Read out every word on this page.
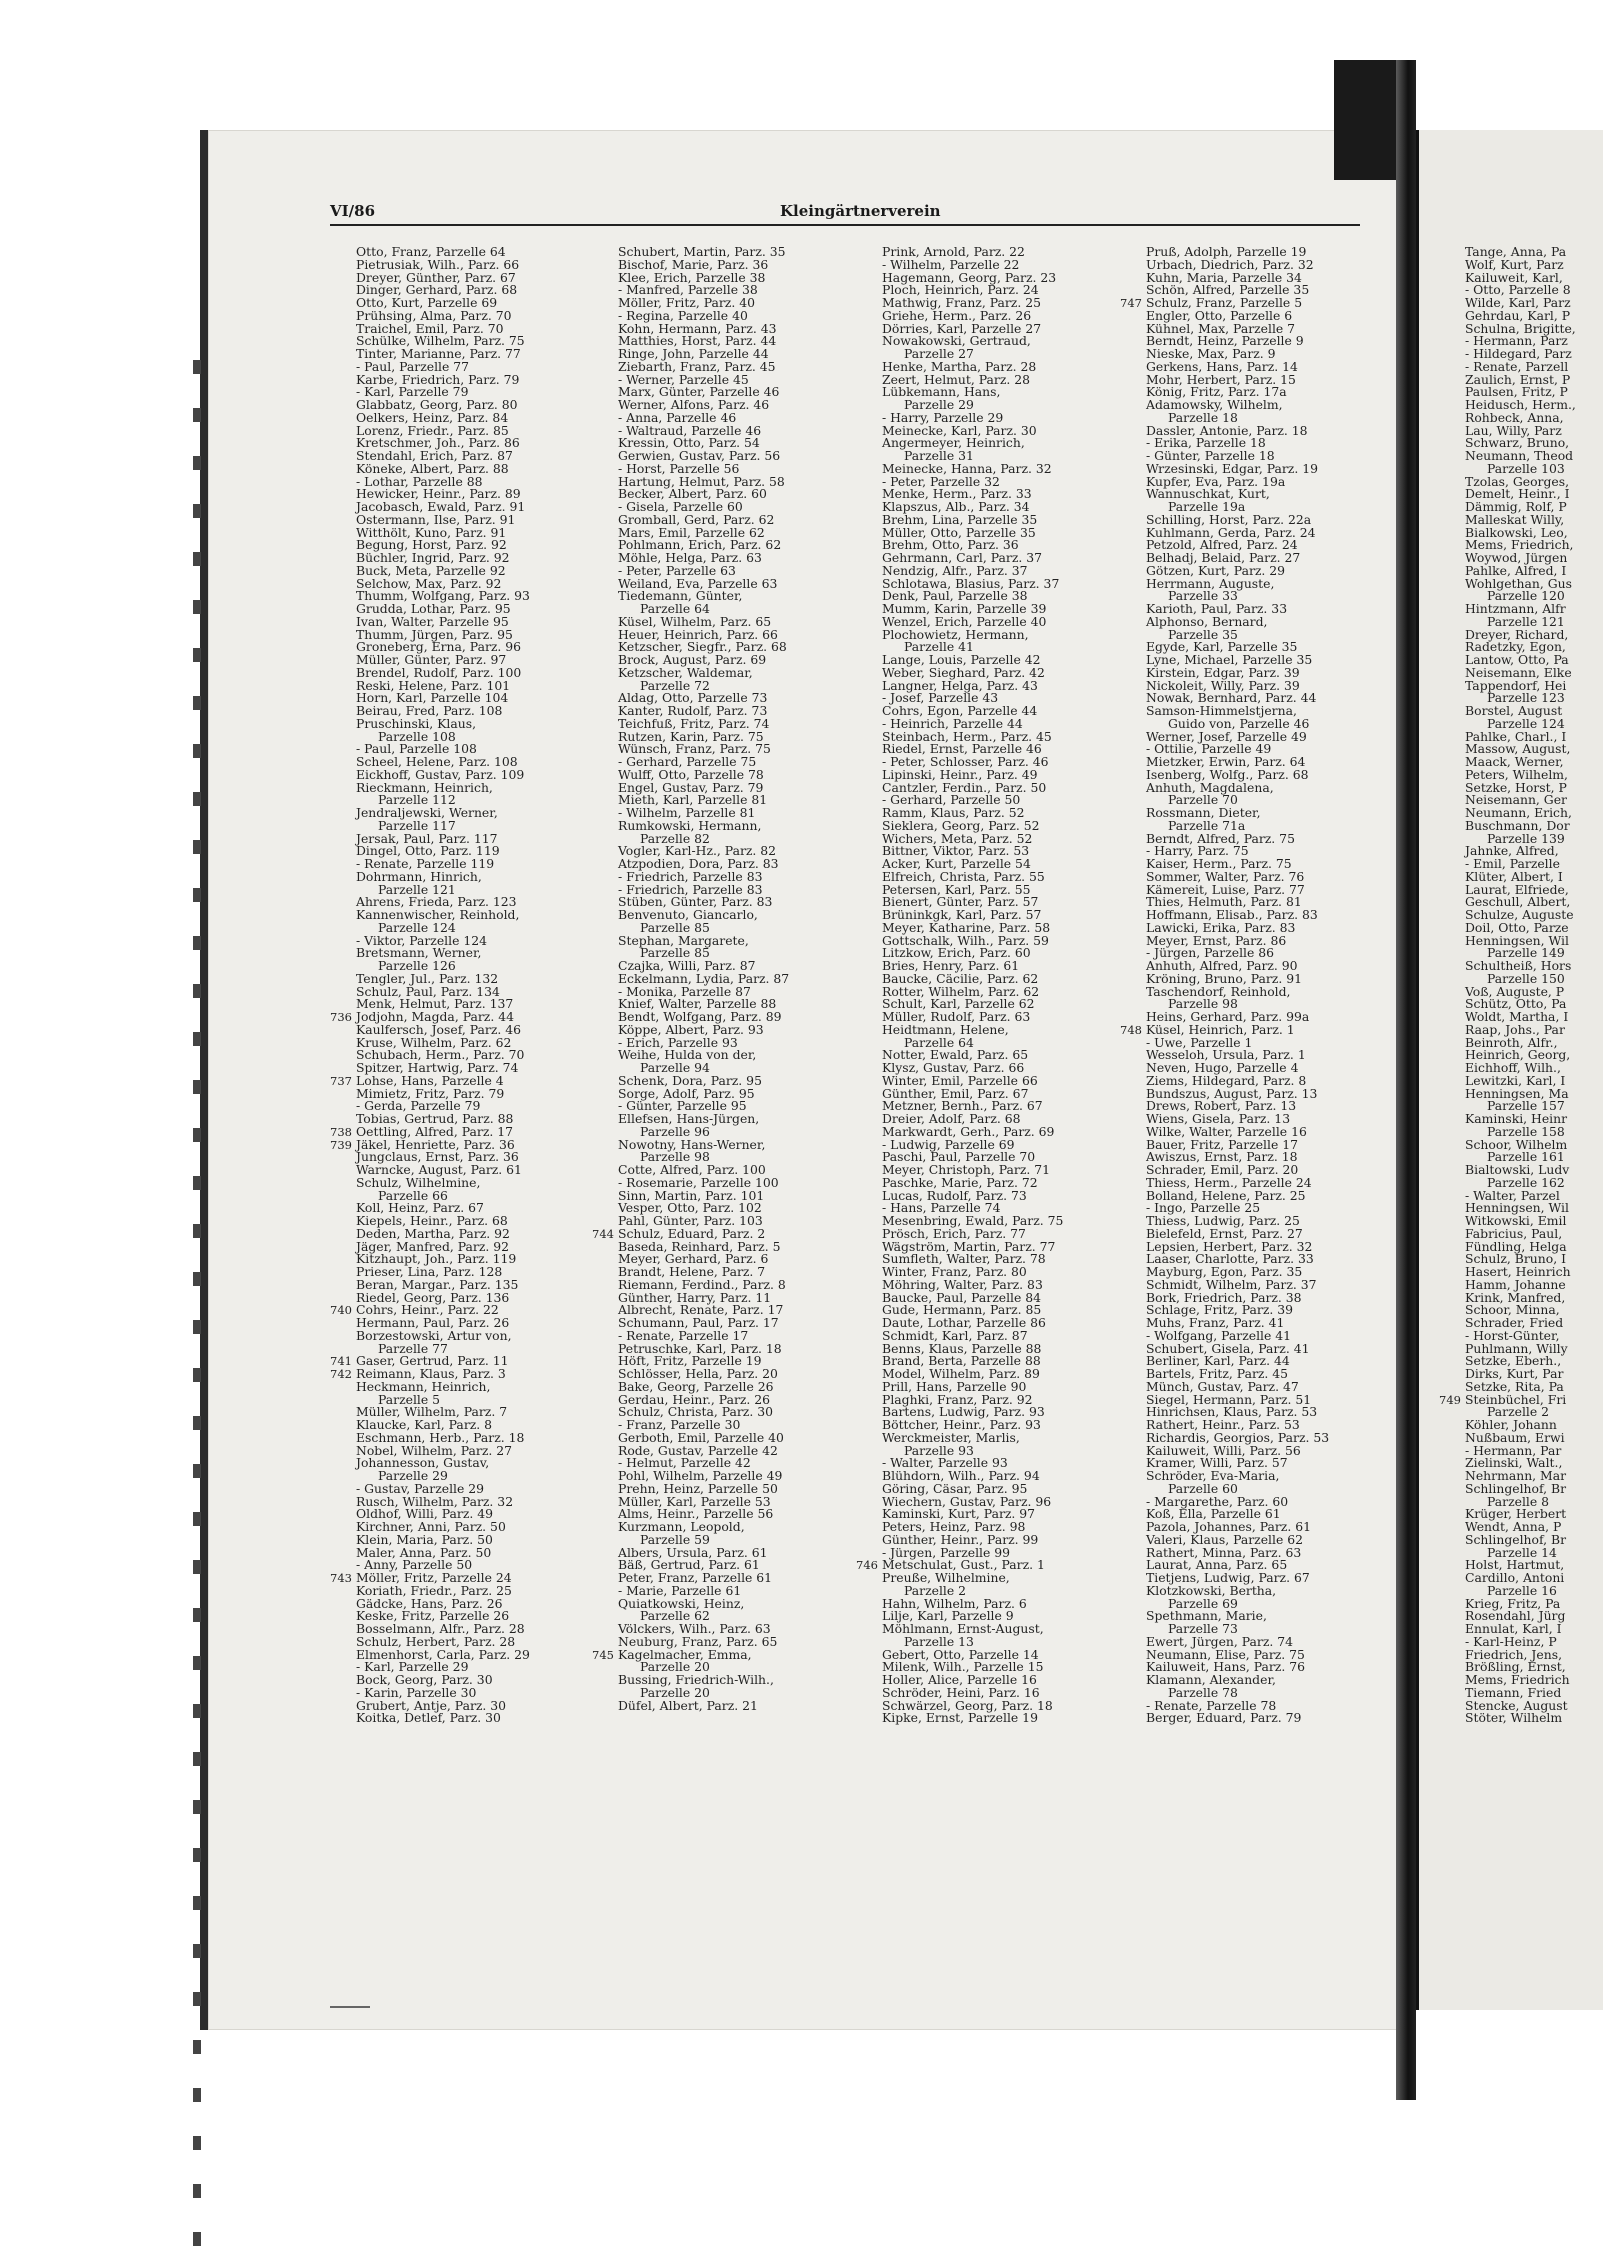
VI/86	Kleingärtnerverein
Otto, Franz, Parzelle 64
Pietrusiak, Wilh., Parz. 66
Dreyer, Günther, Parz. 67
Dinger, Gerhard, Parz. 68
Otto, Kurt, Parzelle 69
Prühsing, Alma, Parz. 70
Traichel, Emil, Parz. 70
Schülke, Wilhelm, Parz. 75
Tinter, Marianne, Parz. 77
- Paul, Parzelle 77
Karbe, Friedrich, Parz. 79
- Karl, Parzelle 79
Glabbatz, Georg, Parz. 80
Oelkers, Heinz, Parz. 84
Lorenz, Friedr., Parz. 85
Kretschmer, Joh., Parz. 86
Stendahl, Erich, Parz. 87
Köneke, Albert, Parz. 88
- Lothar, Parzelle 88
Hewicker, Heinr., Parz. 89
Jacobasch, Ewald, Parz. 91
Ostermann, Ilse, Parz. 91
Witthölt, Kuno, Parz. 91
Begung, Horst, Parz. 92
Büchler, Ingrid, Parz. 92
Buck, Meta, Parzelle 92
Selchow, Max, Parz. 92
Thumm, Wolfgang, Parz. 93
Grudda, Lothar, Parz. 95
Ivan, Walter, Parzelle 95
Thumm, Jürgen, Parz. 95
Groneberg, Erna, Parz. 96
Müller, Günter, Parz. 97
Brendel, Rudolf, Parz. 100
Reski, Helene, Parz. 101
Horn, Karl, Parzelle 104
Beirau, Fred, Parz. 108
Pruschinski, Klaus,
Parzelle 108
- Paul, Parzelle 108
Scheel, Helene, Parz. 108
Eickhoff, Gustav, Parz. 109
Rieckmann, Heinrich,
Parzelle 112
Jendraljewski, Werner,
Parzelle 117
Jersak, Paul, Parz. 117
Dingel, Otto, Parz. 119
- Renate, Parzelle 119
Dohrmann, Hinrich,
Parzelle 121
Ahrens, Frieda, Parz. 123
Kannenwischer, Reinhold,
Parzelle 124
- Viktor, Parzelle 124
Bretsmann, Werner,
Parzelle 126
Tengler, Jul., Parz. 132
Schulz, Paul, Parz. 134
Menk, Helmut, Parz. 137
736 Jodjohn, Magda, Parz. 44
Kaulfersch, Josef, Parz. 46
Kruse, Wilhelm, Parz. 62
Schubach, Herm., Parz. 70
Spitzer, Hartwig, Parz. 74
737 Lohse, Hans, Parzelle 4
Mimietz, Fritz, Parz. 79
- Gerda, Parzelle 79
Tobias, Gertrud, Parz. 88
738 Oettling, Alfred, Parz. 17
739 Jäkel, Henriette, Parz. 36
Jungclaus, Ernst, Parz. 36
Warncke, August, Parz. 61
Schulz, Wilhelmine,
Parzelle 66
Koll, Heinz, Parz. 67
Kiepels, Heinr., Parz. 68
Deden, Martha, Parz. 92
Jäger, Manfred, Parz. 92
Kitzhaupt, Joh., Parz. 119
Prieser, Lina, Parz. 128
Beran, Margar., Parz. 135
Riedel, Georg, Parz. 136
740 Cohrs, Heinr., Parz. 22
Hermann, Paul, Parz. 26
Borzestowski, Artur von,
Parzelle 77
741 Gaser, Gertrud, Parz. 11
742 Reimann, Klaus, Parz. 3
Heckmann, Heinrich,
Parzelle 5
Müller, Wilhelm, Parz. 7
Klaucke, Karl, Parz. 8
Eschmann, Herb., Parz. 18
Nobel, Wilhelm, Parz. 27
Johannesson, Gustav,
Parzelle 29
- Gustav, Parzelle 29
Rusch, Wilhelm, Parz. 32
Oldhof, Willi, Parz. 49
Kirchner, Anni, Parz. 50
Klein, Maria, Parz. 50
Maler, Anna, Parz. 50
- Anny, Parzelle 50
743 Möller, Fritz, Parzelle 24
Koriath, Friedr., Parz. 25
Gädcke, Hans, Parz. 26
Keske, Fritz, Parzelle 26
Bosselmann, Alfr., Parz. 28
Schulz, Herbert, Parz. 28
Elmenhorst, Carla, Parz. 29
- Karl, Parzelle 29
Bock, Georg, Parz. 30
- Karin, Parzelle 30
Grubert, Antje, Parz. 30
Koitka, Detlef, Parz. 30
Schubert, Martin, Parz. 35
Bischof, Marie, Parz. 36
Klee, Erich, Parzelle 38
- Manfred, Parzelle 38
Möller, Fritz, Parz. 40
- Regina, Parzelle 40
Kohn, Hermann, Parz. 43
Matthies, Horst, Parz. 44
Ringe, John, Parzelle 44
Ziebarth, Franz, Parz. 45
- Werner, Parzelle 45
Marx, Günter, Parzelle 46
Werner, Alfons, Parz. 46
- Anna, Parzelle 46
- Waltraud, Parzelle 46
Kressin, Otto, Parz. 54
Gerwien, Gustav, Parz. 56
- Horst, Parzelle 56
Hartung, Helmut, Parz. 58
Becker, Albert, Parz. 60
- Gisela, Parzelle 60
Gromball, Gerd, Parz. 62
Mars, Emil, Parzelle 62
Pohlmann, Erich, Parz. 62
Möhle, Helga, Parz. 63
- Peter, Parzelle 63
Weiland, Eva, Parzelle 63
Tiedemann, Günter,
Parzelle 64
Küsel, Wilhelm, Parz. 65
Heuer, Heinrich, Parz. 66
Ketzscher, Siegfr., Parz. 68
Brock, August, Parz. 69
Ketzscher, Waldemar,
Parzelle 72
Aldag, Otto, Parzelle 73
Kanter, Rudolf, Parz. 73
Teichfuß, Fritz, Parz. 74
Rutzen, Karin, Parz. 75
Wünsch, Franz, Parz. 75
- Gerhard, Parzelle 75
Wulff, Otto, Parzelle 78
Engel, Gustav, Parz. 79
Mieth, Karl, Parzelle 81
- Wilhelm, Parzelle 81
Rumkowski, Hermann,
Parzelle 82
Vogler, Karl-Hz., Parz. 82
Atzpodien, Dora, Parz. 83
- Friedrich, Parzelle 83
- Friedrich, Parzelle 83
Stüben, Günter, Parz. 83
Benvenuto, Giancarlo,
Parzelle 85
Stephan, Margarete,
Parzelle 85
Czajka, Willi, Parz. 87
Eckelmann, Lydia, Parz. 87
- Monika, Parzelle 87
Knief, Walter, Parzelle 88
Bendt, Wolfgang, Parz. 89
Köppe, Albert, Parz. 93
- Erich, Parzelle 93
Weihe, Hulda von der,
Parzelle 94
Schenk, Dora, Parz. 95
Sorge, Adolf, Parz. 95
- Günter, Parzelle 95
Ellefsen, Hans-Jürgen,
Parzelle 96
Nowotny, Hans-Werner,
Parzelle 98
Cotte, Alfred, Parz. 100
- Rosemarie, Parzelle 100
Sinn, Martin, Parz. 101
Vesper, Otto, Parz. 102
Pahl, Günter, Parz. 103
744 Schulz, Eduard, Parz. 2
Baseda, Reinhard, Parz. 5
Meyer, Gerhard, Parz. 6
Brandt, Helene, Parz. 7
Riemann, Ferdind., Parz. 8
Günther, Harry, Parz. 11
Albrecht, Renate, Parz. 17
Schumann, Paul, Parz. 17
- Renate, Parzelle 17
Petruschke, Karl, Parz. 18
Höft, Fritz, Parzelle 19
Schlösser, Hella, Parz. 20
Bake, Georg, Parzelle 26
Gerdau, Heinr., Parz. 26
Schulz, Christa, Parz. 30
- Franz, Parzelle 30
Gerboth, Emil, Parzelle 40
Rode, Gustav, Parzelle 42
- Helmut, Parzelle 42
Pohl, Wilhelm, Parzelle 49
Prehn, Heinz, Parzelle 50
Müller, Karl, Parzelle 53
Alms, Heinr., Parzelle 56
Kurzmann, Leopold,
Parzelle 59
Albers, Ursula, Parz. 61
Bäß, Gertrud, Parz. 61
Peter, Franz, Parzelle 61
- Marie, Parzelle 61
Quiatkowski, Heinz,
Parzelle 62
Völckers, Wilh., Parz. 63
Neuburg, Franz, Parz. 65
745 Kagelmacher, Emma,
Parzelle 20
Bussing, Friedrich-Wilh.,
Parzelle 20
Düfel, Albert, Parz. 21
Prink, Arnold, Parz. 22
- Wilhelm, Parzelle 22
Hagemann, Georg, Parz. 23
Ploch, Heinrich, Parz. 24
Mathwig, Franz, Parz. 25
Griehe, Herm., Parz. 26
Dörries, Karl, Parzelle 27
Nowakowski, Gertraud,
Parzelle 27
Henke, Martha, Parz. 28
Zeert, Helmut, Parz. 28
Lübkemann, Hans,
Parzelle 29
- Harry, Parzelle 29
Meinecke, Karl, Parz. 30
Angermeyer, Heinrich,
Parzelle 31
Meinecke, Hanna, Parz. 32
- Peter, Parzelle 32
Menke, Herm., Parz. 33
Klapszus, Alb., Parz. 34
Brehm, Lina, Parzelle 35
Müller, Otto, Parzelle 35
Brehm, Otto, Parz. 36
Gehrmann, Carl, Parz. 37
Nendzig, Alfr., Parz. 37
Schlotawa, Blasius, Parz. 37
Denk, Paul, Parzelle 38
Mumm, Karin, Parzelle 39
Wenzel, Erich, Parzelle 40
Plochowietz, Hermann,
Parzelle 41
Lange, Louis, Parzelle 42
Weber, Sieghard, Parz. 42
Langner, Helga, Parz. 43
- Josef, Parzelle 43
Cohrs, Egon, Parzelle 44
- Heinrich, Parzelle 44
Steinbach, Herm., Parz. 45
Riedel, Ernst, Parzelle 46
- Peter, Schlosser, Parz. 46
Lipinski, Heinr., Parz. 49
Cantzler, Ferdin., Parz. 50
- Gerhard, Parzelle 50
Ramm, Klaus, Parz. 52
Sieklera, Georg, Parz. 52
Wichers, Meta, Parz. 52
Bittner, Viktor, Parz. 53
Acker, Kurt, Parzelle 54
Elfreich, Christa, Parz. 55
Petersen, Karl, Parz. 55
Bienert, Günter, Parz. 57
Brüninkgk, Karl, Parz. 57
Meyer, Katharine, Parz. 58
Gottschalk, Wilh., Parz. 59
Litzkow, Erich, Parz. 60
Bries, Henry, Parz. 61
Baucke, Cäcilie, Parz. 62
Rotter, Wilhelm, Parz. 62
Schult, Karl, Parzelle 62
Müller, Rudolf, Parz. 63
Heidtmann, Helene,
Parzelle 64
Notter, Ewald, Parz. 65
Klysz, Gustav, Parz. 66
Winter, Emil, Parzelle 66
Günther, Emil, Parz. 67
Metzner, Bernh., Parz. 67
Dreier, Adolf, Parz. 68
Markwardt, Gerh., Parz. 69
- Ludwig, Parzelle 69
Paschi, Paul, Parzelle 70
Meyer, Christoph, Parz. 71
Paschke, Marie, Parz. 72
Lucas, Rudolf, Parz. 73
- Hans, Parzelle 74
Mesenbring, Ewald, Parz. 75
Prösch, Erich, Parz. 77
Wägström, Martin, Parz. 77
Sumfleth, Walter, Parz. 78
Winter, Franz, Parz. 80
Möhring, Walter, Parz. 83
Baucke, Paul, Parzelle 84
Gude, Hermann, Parz. 85
Daute, Lothar, Parzelle 86
Schmidt, Karl, Parz. 87
Benns, Klaus, Parzelle 88
Brand, Berta, Parzelle 88
Model, Wilhelm, Parz. 89
Prill, Hans, Parzelle 90
Plaghki, Franz, Parz. 92
Bartens, Ludwig, Parz. 93
Böttcher, Heinr., Parz. 93
Werckmeister, Marlis,
Parzelle 93
- Walter, Parzelle 93
Blühdorn, Wilh., Parz. 94
Göring, Cäsar, Parz. 95
Wiechern, Gustav, Parz. 96
Kaminski, Kurt, Parz. 97
Peters, Heinz, Parz. 98
Günther, Heinr., Parz. 99
- Jürgen, Parzelle 99
746 Metschulat, Gust., Parz. 1
Preuße, Wilhelmine,
Parzelle 2
Hahn, Wilhelm, Parz. 6
Lilje, Karl, Parzelle 9
Möhlmann, Ernst-August,
Parzelle 13
Gebert, Otto, Parzelle 14
Milenk, Wilh., Parzelle 15
Holler, Alice, Parzelle 16
Schröder, Heini, Parz. 16
Schwärzel, Georg, Parz. 18
Kipke, Ernst, Parzelle 19
Pruß, Adolph, Parzelle 19
Urbach, Diedrich, Parz. 32
Kuhn, Maria, Parzelle 34
Schön, Alfred, Parzelle 35
747 Schulz, Franz, Parzelle 5
Engler, Otto, Parzelle 6
Kühnel, Max, Parzelle 7
Berndt, Heinz, Parzelle 9
Nieske, Max, Parz. 9
Gerkens, Hans, Parz. 14
Mohr, Herbert, Parz. 15
König, Fritz, Parz. 17a
Adamowsky, Wilhelm,
Parzelle 18
Dassler, Antonie, Parz. 18
- Erika, Parzelle 18
- Günter, Parzelle 18
Wrzesinski, Edgar, Parz. 19
Kupfer, Eva, Parz. 19a
Wannuschkat, Kurt,
Parzelle 19a
Schilling, Horst, Parz. 22a
Kuhlmann, Gerda, Parz. 24
Petzold, Alfred, Parz. 24
Belhadj, Belaid, Parz. 27
Götzen, Kurt, Parz. 29
Herrmann, Auguste,
Parzelle 33
Karioth, Paul, Parz. 33
Alphonso, Bernard,
Parzelle 35
Egyde, Karl, Parzelle 35
Lyne, Michael, Parzelle 35
Kirstein, Edgar, Parz. 39
Nickoleit, Willy, Parz. 39
Nowak, Bernhard, Parz. 44
Samson-Himmelstjerna,
Guido von, Parzelle 46
Werner, Josef, Parzelle 49
- Ottilie, Parzelle 49
Mietzker, Erwin, Parz. 64
Isenberg, Wolfg., Parz. 68
Anhuth, Magdalena,
Parzelle 70
Rossmann, Dieter,
Parzelle 71a
Berndt, Alfred, Parz. 75
- Harry, Parz. 75
Kaiser, Herm., Parz. 75
Sommer, Walter, Parz. 76
Kämereit, Luise, Parz. 77
Thies, Helmuth, Parz. 81
Hoffmann, Elisab., Parz. 83
Lawicki, Erika, Parz. 83
Meyer, Ernst, Parz. 86
- Jürgen, Parzelle 86
Anhuth, Alfred, Parz. 90
Kröning, Bruno, Parz. 91
Taschendorf, Reinhold,
Parzelle 98
Heins, Gerhard, Parz. 99a
748 Küsel, Heinrich, Parz. 1
- Uwe, Parzelle 1
Wesseloh, Ursula, Parz. 1
Neven, Hugo, Parzelle 4
Ziems, Hildegard, Parz. 8
Bundszus, August, Parz. 13
Drews, Robert, Parz. 13
Wiens, Gisela, Parz. 13
Wilke, Walter, Parzelle 16
Bauer, Fritz, Parzelle 17
Awiszus, Ernst, Parz. 18
Schrader, Emil, Parz. 20
Thiess, Herm., Parzelle 24
Bolland, Helene, Parz. 25
- Ingo, Parzelle 25
Thiess, Ludwig, Parz. 25
Bielefeld, Ernst, Parz. 27
Lepsien, Herbert, Parz. 32
Laaser, Charlotte, Parz. 33
Mayburg, Egon, Parz. 35
Schmidt, Wilhelm, Parz. 37
Bork, Friedrich, Parz. 38
Schlage, Fritz, Parz. 39
Muhs, Franz, Parz. 41
- Wolfgang, Parzelle 41
Schubert, Gisela, Parz. 41
Berliner, Karl, Parz. 44
Bartels, Fritz, Parz. 45
Münch, Gustav, Parz. 47
Siegel, Hermann, Parz. 51
Hinrichsen, Klaus, Parz. 53
Rathert, Heinr., Parz. 53
Richardis, Georgios, Parz. 53
Kailuweit, Willi, Parz. 56
Kramer, Willi, Parz. 57
Schröder, Eva-Maria,
Parzelle 60
- Margarethe, Parz. 60
Koß, Ella, Parzelle 61
Pazola, Johannes, Parz. 61
Valeri, Klaus, Parzelle 62
Rathert, Minna, Parz. 63
Laurat, Anna, Parz. 65
Tietjens, Ludwig, Parz. 67
Klotzkowski, Bertha,
Parzelle 69
Spethmann, Marie,
Parzelle 73
Ewert, Jürgen, Parz. 74
Neumann, Elise, Parz. 75
Kailuweit, Hans, Parz. 76
Klamann, Alexander,
Parzelle 78
- Renate, Parzelle 78
Berger, Eduard, Parz. 79
Tange, Anna, Pa
Wolf, Kurt, Parz
Kailuweit, Karl,
- Otto, Parzelle 8
Wilde, Karl, Parz
Gehrdau, Karl, P
Schulna, Brigitte,
- Hermann, Parz
- Hildegard, Parz
- Renate, Parzell
Zaulich, Ernst, P
Paulsen, Fritz, P
Heidusch, Herm.,
Rohbeck, Anna,
Lau, Willy, Parz
Schwarz, Bruno,
Neumann, Theod
Parzelle 103
Tzolas, Georges,
Demelt, Heinr., I
Dämmig, Rolf, P
Malleskat Willy,
Bialkowski, Leo,
Mems, Friedrich,
Woywod, Jürgen
Pahlke, Alfred, I
Wohlgethan, Gus
Parzelle 120
Hintzmann, Alfr
Parzelle 121
Dreyer, Richard,
Radetzky, Egon,
Lantow, Otto, Pa
Neisemann, Elke
Tappendorf, Hei
Parzelle 123
Borstel, August
Parzelle 124
Pahlke, Charl., I
Massow, August,
Maack, Werner,
Peters, Wilhelm,
Setzke, Horst, P
Neisemann, Ger
Neumann, Erich,
Buschmann, Dor
Parzelle 139
Jahnke, Alfred,
- Emil, Parzelle
Klüter, Albert, I
Laurat, Elfriede,
Geschull, Albert,
Schulze, Auguste
Doil, Otto, Parze
Henningsen, Wil
Parzelle 149
Schultheiß, Hors
Parzelle 150
Voß, Auguste, P
Schütz, Otto, Pa
Woldt, Martha, I
Raap, Johs., Par
Beinroth, Alfr.,
Heinrich, Georg,
Eichhoff, Wilh.,
Lewitzki, Karl, I
Henningsen, Ma
Parzelle 157
Kaminski, Heinr
Parzelle 158
Schoor, Wilhelm
Parzelle 161
Bialtowski, Ludv
Parzelle 162
- Walter, Parzel
Henningsen, Wil
Witkowski, Emil
Fabricius, Paul,
Fündling, Helga
Schulz, Bruno, I
Hasert, Heinrich
Hamm, Johanne
Krink, Manfred,
Schoor, Minna,
Schrader, Fried
- Horst-Günter,
Puhlmann, Willy
Setzke, Eberh.,
Dirks, Kurt, Par
Setzke, Rita, Pa
749 Steinbüchel, Fri
Parzelle 2
Köhler, Johann
Nußbaum, Erwi
- Hermann, Par
Zielinski, Walt.,
Nehrmann, Mar
Schlingelhof, Br
Parzelle 8
Krüger, Herbert
Wendt, Anna, P
Schlingelhof, Br
Parzelle 14
Holst, Hartmut,
Cardillo, Antoni
Parzelle 16
Krieg, Fritz, Pa
Rosendahl, Jürg
Ennulat, Karl, I
- Karl-Heinz, P
Friedrich, Jens,
Brößling, Ernst,
Mems, Friedrich
Tiemann, Fried
Stencke, August
Stöter, Wilhelm
